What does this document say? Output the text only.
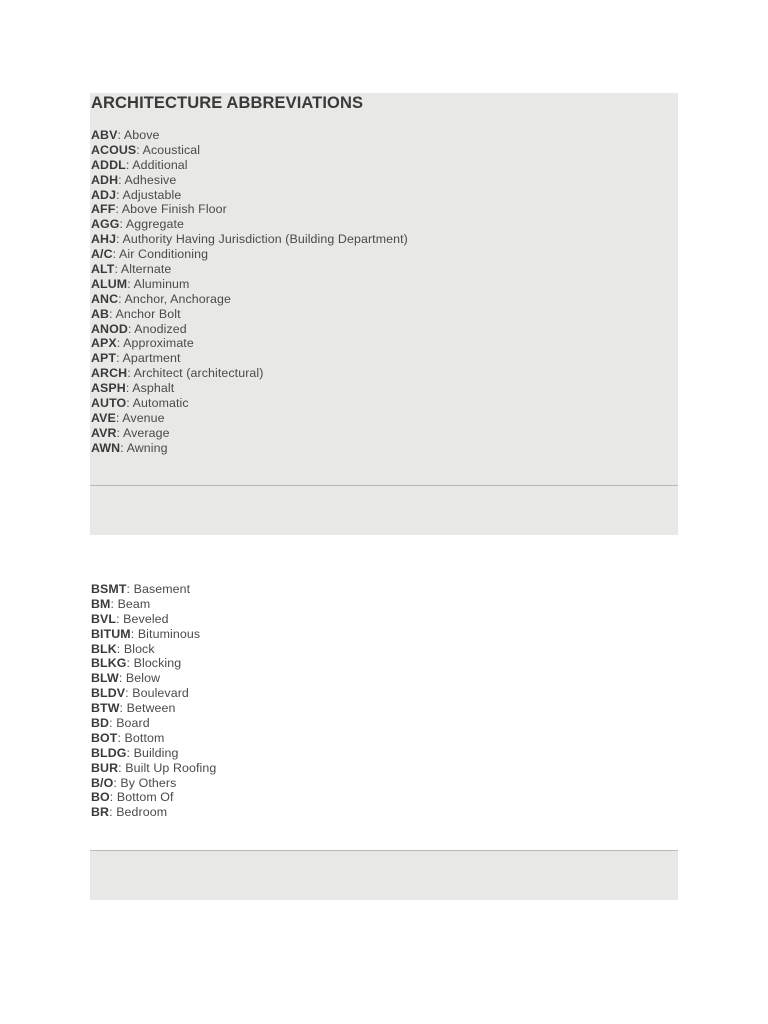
ARCHITECTURE ABBREVIATIONS
ABV: Above
ACOUS: Acoustical
ADDL: Additional
ADH: Adhesive
ADJ: Adjustable
AFF: Above Finish Floor
AGG: Aggregate
AHJ: Authority Having Jurisdiction (Building Department)
A/C: Air Conditioning
ALT: Alternate
ALUM: Aluminum
ANC: Anchor, Anchorage
AB: Anchor Bolt
ANOD: Anodized
APX: Approximate
APT: Apartment
ARCH: Architect (architectural)
ASPH: Asphalt
AUTO: Automatic
AVE: Avenue
AVR: Average
AWN: Awning
BSMT: Basement
BM: Beam
BVL: Beveled
BITUM: Bituminous
BLK: Block
BLKG: Blocking
BLW: Below
BLDV: Boulevard
BTW: Between
BD: Board
BOT: Bottom
BLDG: Building
BUR: Built Up Roofing
B/O: By Others
BO: Bottom Of
BR: Bedroom
